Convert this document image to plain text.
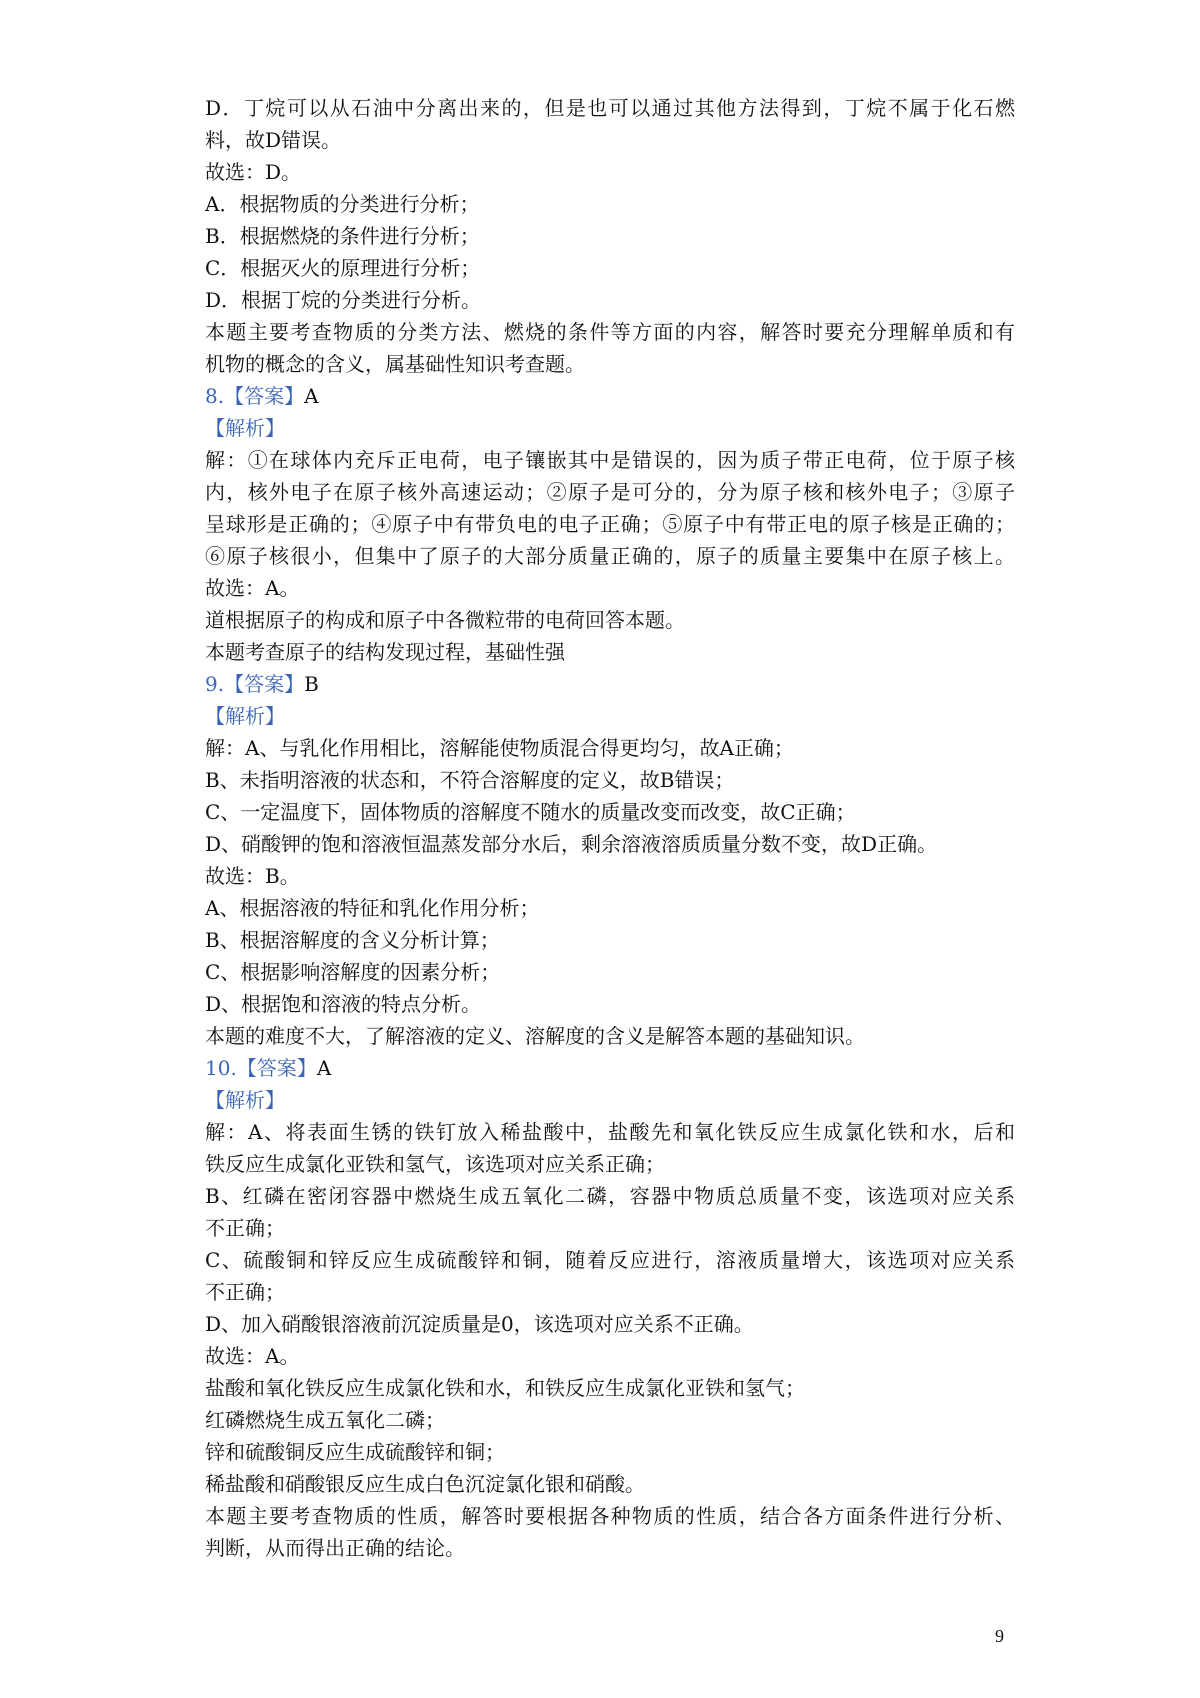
D．丁烷可以从石油中分离出来的，但是也可以通过其他方法得到，丁烷不属于化石燃
料，故D错误。
故选：D。
A．根据物质的分类进行分析；
B．根据燃烧的条件进行分析；
C．根据灭火的原理进行分析；
D．根据丁烷的分类进行分析。
本题主要考查物质的分类方法、燃烧的条件等方面的内容，解答时要充分理解单质和有
机物的概念的含义，属基础性知识考查题。
8.【答案】A
【解析】
解：①在球体内充斥正电荷，电子镶嵌其中是错误的，因为质子带正电荷，位于原子核
内，核外电子在原子核外高速运动；②原子是可分的，分为原子核和核外电子；③原子
呈球形是正确的；④原子中有带负电的电子正确；⑤原子中有带正电的原子核是正确的；
⑥原子核很小，但集中了原子的大部分质量正确的，原子的质量主要集中在原子核上。
故选：A。
道根据原子的构成和原子中各微粒带的电荷回答本题。
本题考查原子的结构发现过程，基础性强
9.【答案】B
【解析】
解：A、与乳化作用相比，溶解能使物质混合得更均匀，故A正确；
B、未指明溶液的状态和，不符合溶解度的定义，故B错误；
C、一定温度下，固体物质的溶解度不随水的质量改变而改变，故C正确；
D、硝酸钾的饱和溶液恒温蒸发部分水后，剩余溶液溶质质量分数不变，故D正确。
故选：B。
A、根据溶液的特征和乳化作用分析；
B、根据溶解度的含义分析计算；
C、根据影响溶解度的因素分析；
D、根据饱和溶液的特点分析。
本题的难度不大，了解溶液的定义、溶解度的含义是解答本题的基础知识。
10.【答案】A
【解析】
解：A、将表面生锈的铁钉放入稀盐酸中，盐酸先和氧化铁反应生成氯化铁和水，后和
铁反应生成氯化亚铁和氢气，该选项对应关系正确；
B、红磷在密闭容器中燃烧生成五氧化二磷，容器中物质总质量不变，该选项对应关系
不正确；
C、硫酸铜和锌反应生成硫酸锌和铜，随着反应进行，溶液质量增大，该选项对应关系
不正确；
D、加入硝酸银溶液前沉淀质量是0，该选项对应关系不正确。
故选：A。
盐酸和氧化铁反应生成氯化铁和水，和铁反应生成氯化亚铁和氢气；
红磷燃烧生成五氧化二磷；
锌和硫酸铜反应生成硫酸锌和铜；
稀盐酸和硝酸银反应生成白色沉淀氯化银和硝酸。
本题主要考查物质的性质，解答时要根据各种物质的性质，结合各方面条件进行分析、
判断，从而得出正确的结论。
9
